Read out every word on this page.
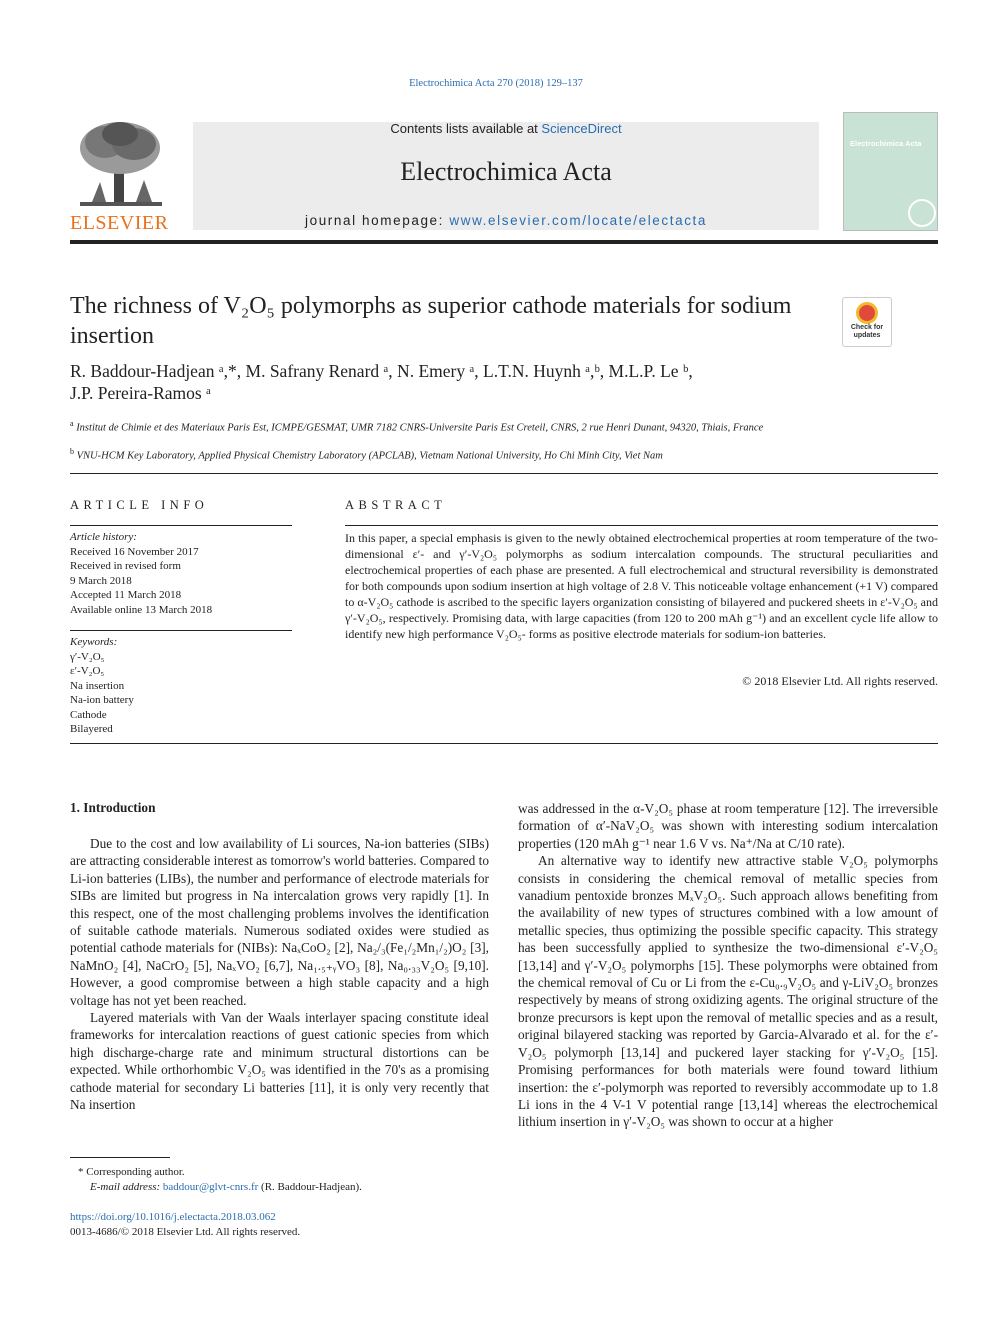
Electrochimica Acta 270 (2018) 129–137
ELSEVIER
Contents lists available at ScienceDirect
Electrochimica Acta
journal homepage: www.elsevier.com/locate/electacta
Electrochimica Acta
The richness of V₂O₅ polymorphs as superior cathode materials for sodium insertion	Check for
updates
R. Baddour-Hadjean ᵃ,*, M. Safrany Renard ᵃ, N. Emery ᵃ, L.T.N. Huynh ᵃ,ᵇ, M.L.P. Le ᵇ,
J.P. Pereira-Ramos ᵃ
$^a$ Institut de Chimie et des Materiaux Paris Est, ICMPE/GESMAT, UMR 7182 CNRS-Universite Paris Est Creteil, CNRS, 2 rue Henri Dunant, 94320, Thiais, France
$^b$ VNU-HCM Key Laboratory, Applied Physical Chemistry Laboratory (APCLAB), Vietnam National University, Ho Chi Minh City, Viet Nam
ARTICLE INFO
Article history:
Received 16 November 2017
Received in revised form
9 March 2018
Accepted 11 March 2018
Available online 13 March 2018
Keywords:
γ′-V₂O₅
ε′-V₂O₅
Na insertion
Na-ion battery
Cathode
Bilayered
ABSTRACT
In this paper, a special emphasis is given to the newly obtained electrochemical properties at room temperature of the two-dimensional ε′- and γ′-V₂O₅ polymorphs as sodium intercalation compounds. The structural peculiarities and electrochemical properties of each phase are presented. A full electrochemical and structural reversibility is demonstrated for both compounds upon sodium insertion at high voltage of 2.8 V. This noticeable voltage enhancement (+1 V) compared to α-V₂O₅ cathode is ascribed to the specific layers organization consisting of bilayered and puckered sheets in ε′-V₂O₅ and γ′-V₂O₅, respectively. Promising data, with large capacities (from 120 to 200 mAh g⁻¹) and an excellent cycle life allow to identify new high performance V₂O₅- forms as positive electrode materials for sodium-ion batteries.
© 2018 Elsevier Ltd. All rights reserved.
1. Introduction

Due to the cost and low availability of Li sources, Na-ion batteries (SIBs) are attracting considerable interest as tomorrow's world batteries. Compared to Li-ion batteries (LIBs), the number and performance of electrode materials for SIBs are limited but progress in Na intercalation grows very rapidly [1]. In this respect, one of the most challenging problems involves the identification of suitable cathode materials. Numerous sodiated oxides were studied as potential cathode materials for (NIBs): NaₓCoO₂ [2], Na₂/₃(Fe₁/₂Mn₁/₂)O₂ [3], NaMnO₂ [4], NaCrO₂ [5], NaₓVO₂ [6,7], Na₁.₅₊ᵧVO₃ [8], Na₀.₃₃V₂O₅ [9,10]. However, a good compromise between a high stable capacity and a high voltage has not yet been reached.

Layered materials with Van der Waals interlayer spacing constitute ideal frameworks for intercalation reactions of guest cationic species from which high discharge-charge rate and minimum structural distortions can be expected. While orthorhombic V₂O₅ was identified in the 70's as a promising cathode material for secondary Li batteries [11], it is only very recently that Na insertion

was addressed in the α-V₂O₅ phase at room temperature [12]. The irreversible formation of α′-NaV₂O₅ was shown with interesting sodium intercalation properties (120 mAh g⁻¹ near 1.6 V vs. Na⁺/Na at C/10 rate).

An alternative way to identify new attractive stable V₂O₅ polymorphs consists in considering the chemical removal of metallic species from vanadium pentoxide bronzes MₓV₂O₅. Such approach allows benefiting from the availability of new types of structures combined with a low amount of metallic species, thus optimizing the possible specific capacity. This strategy has been successfully applied to synthesize the two-dimensional ε′-V₂O₅ [13,14] and γ′-V₂O₅ polymorphs [15]. These polymorphs were obtained from the chemical removal of Cu or Li from the ε-Cu₀.₉V₂O₅ and γ-LiV₂O₅ bronzes respectively by means of strong oxidizing agents. The original structure of the bronze precursors is kept upon the removal of metallic species and as a result, original bilayered stacking was reported by Garcia-Alvarado et al. for the ε′-V₂O₅ polymorph [13,14] and puckered layer stacking for γ′-V₂O₅ [15]. Promising performances for both materials were found toward lithium insertion: the ε′-polymorph was reported to reversibly accommodate up to 1.8 Li ions in the 4 V-1 V potential range [13,14] whereas the electrochemical lithium insertion in γ′-V₂O₅ was shown to occur at a higher

* Corresponding author.
E-mail address: baddour@glvt-cnrs.fr (R. Baddour-Hadjean).
https://doi.org/10.1016/j.electacta.2018.03.062
0013-4686/© 2018 Elsevier Ltd. All rights reserved.
